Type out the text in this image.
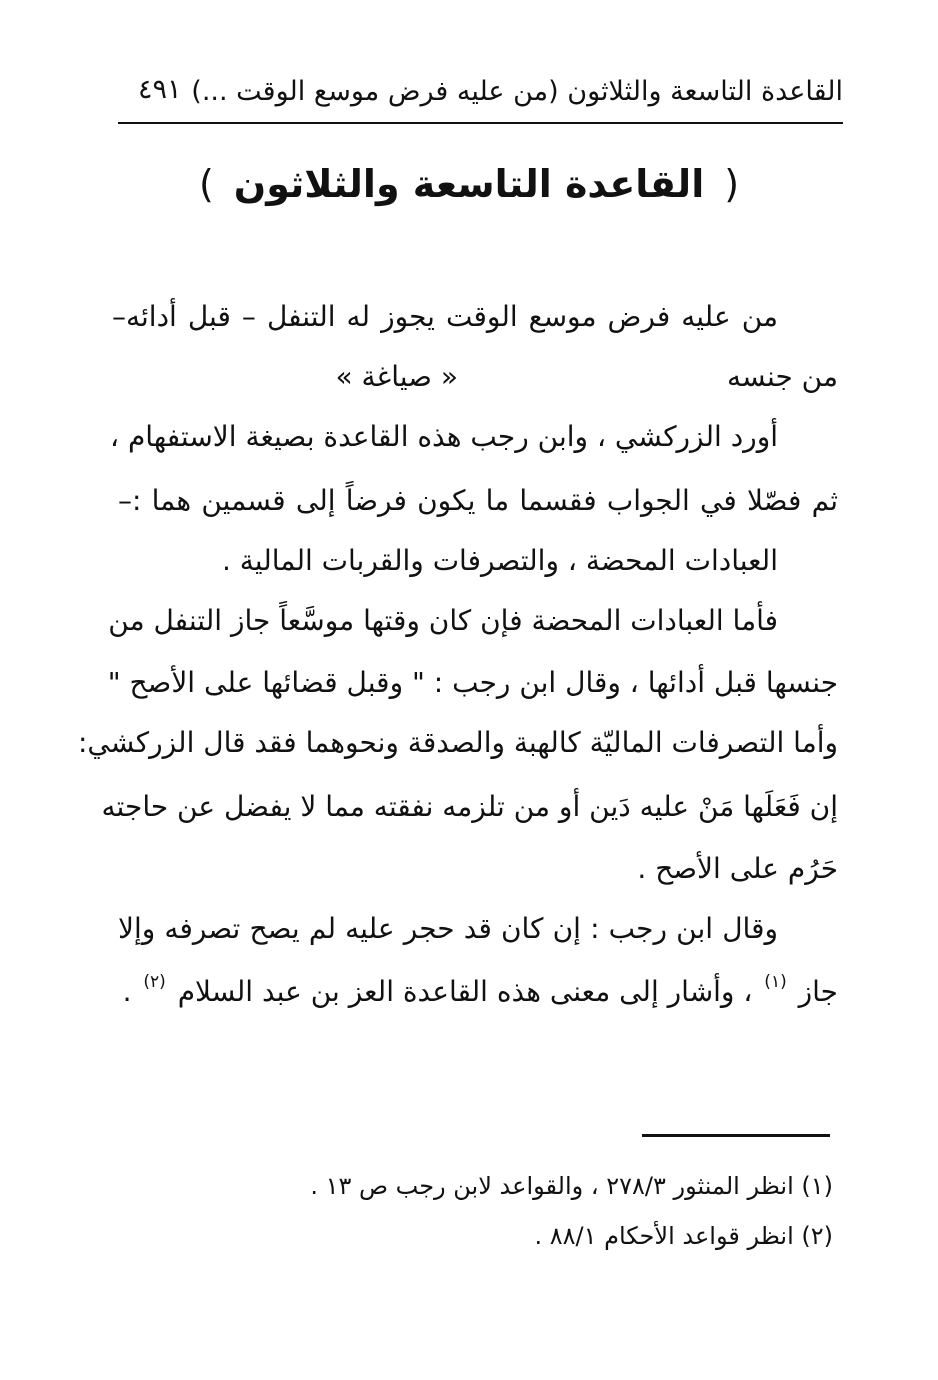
القاعدة التاسعة والثلاثون (من عليه فرض موسع الوقت ...)
٤٩١
(القاعدة التاسعة والثلاثون)
من عليه فرض موسع الوقت يجوز له التنفل – قبل أدائه–
من جنسه
« صياغة »
أورد الزركشي ، وابن رجب هذه القاعدة بصيغة الاستفهام ،
ثم فصّلا في الجواب فقسما ما يكون فرضاً إلى قسمين هما :–
العبادات المحضة ، والتصرفات والقربات المالية .
فأما العبادات المحضة فإن كان وقتها موسَّعاً جاز التنفل من
جنسها قبل أدائها ، وقال ابن رجب : " وقبل قضائها على الأصح "
وأما التصرفات الماليّة كالهبة والصدقة ونحوهما فقد قال الزركشي:
إن فَعَلَها مَنْ عليه دَين أو من تلزمه نفقته مما لا يفضل عن حاجته
حَرُم على الأصح .
وقال ابن رجب : إن كان قد حجر عليه لم يصح تصرفه وإلا
جاز $^{(١)}$ ، وأشار إلى معنى هذه القاعدة العز بن عبد السلام $^{(٢)}$ .
(١) انظر المنثور ٢٧٨/٣ ، والقواعد لابن رجب ص ١٣ .
(٢) انظر قواعد الأحكام ٨٨/١ .
